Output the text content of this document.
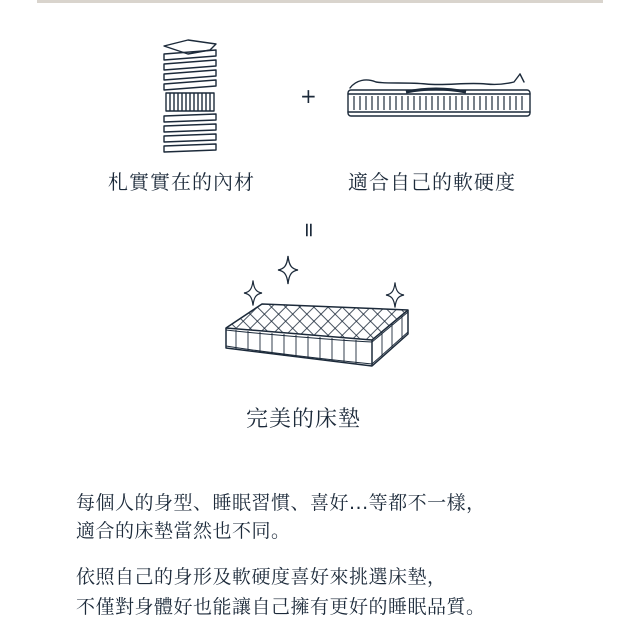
+
札實實在的內材	適合自己的軟硬度
=
完美的床墊
每個人的身型、睡眠習慣、喜好...等都不一樣，
適合的床墊當然也不同。
依照自己的身形及軟硬度喜好來挑選床墊，
不僅對身體好也能讓自己擁有更好的睡眠品質。
